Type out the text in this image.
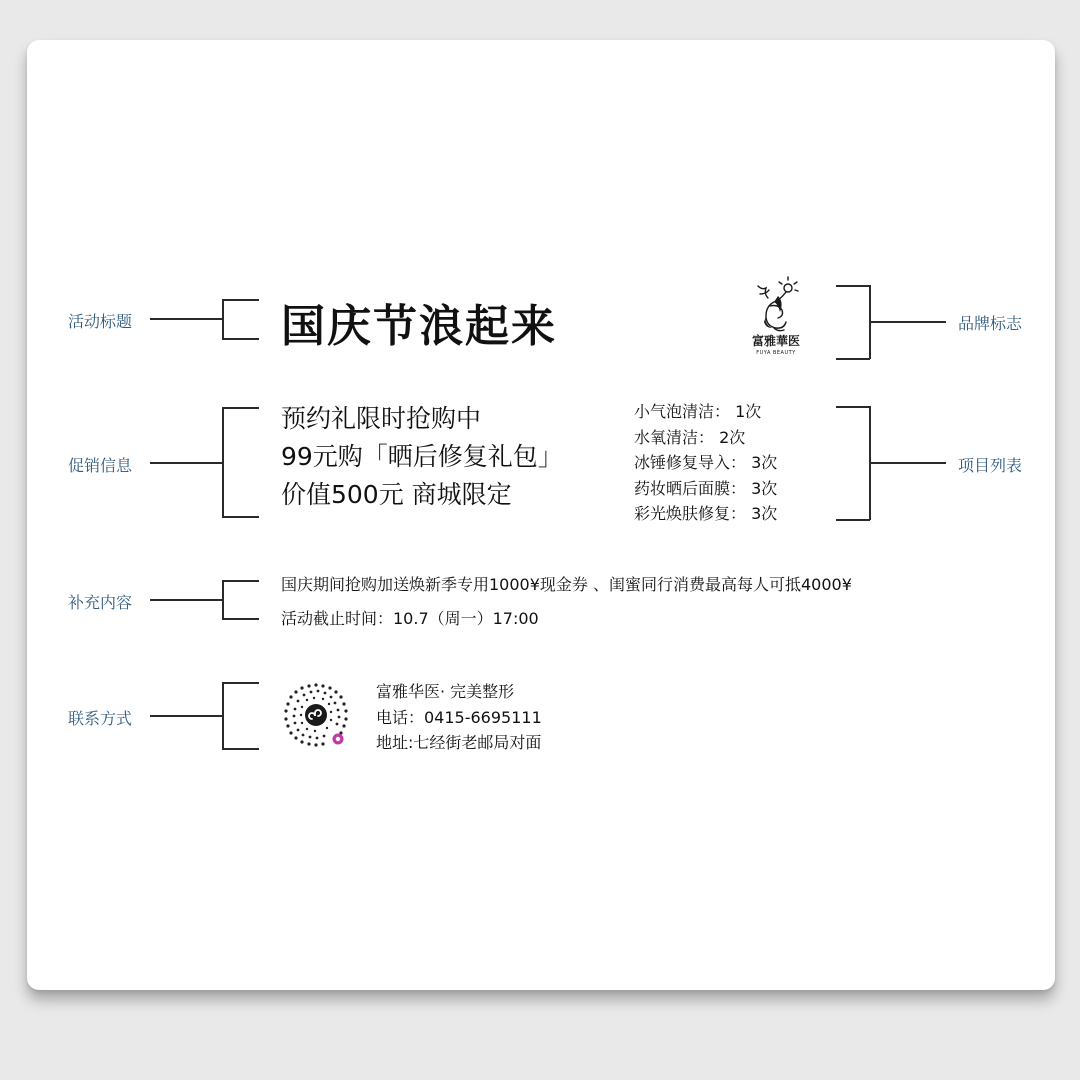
活动标题
促销信息
补充内容
联系方式
品牌标志
项目列表
国庆节浪起来
预约礼限时抢购中
99元购「晒后修复礼包」
价值500元 商城限定
小气泡清洁： 1次
水氧清洁： 2次
冰锤修复导入： 3次
药妆晒后面膜： 3次
彩光焕肤修复： 3次
国庆期间抢购加送焕新季专用1000¥现金券 、闺蜜同行消费最高每人可抵4000¥
活动截止时间：10.7（周一）17:00
富雅华医· 完美整形
电话：0415-6695111
地址:七经街老邮局对面
富雅華医
FUYA BEAUTY
